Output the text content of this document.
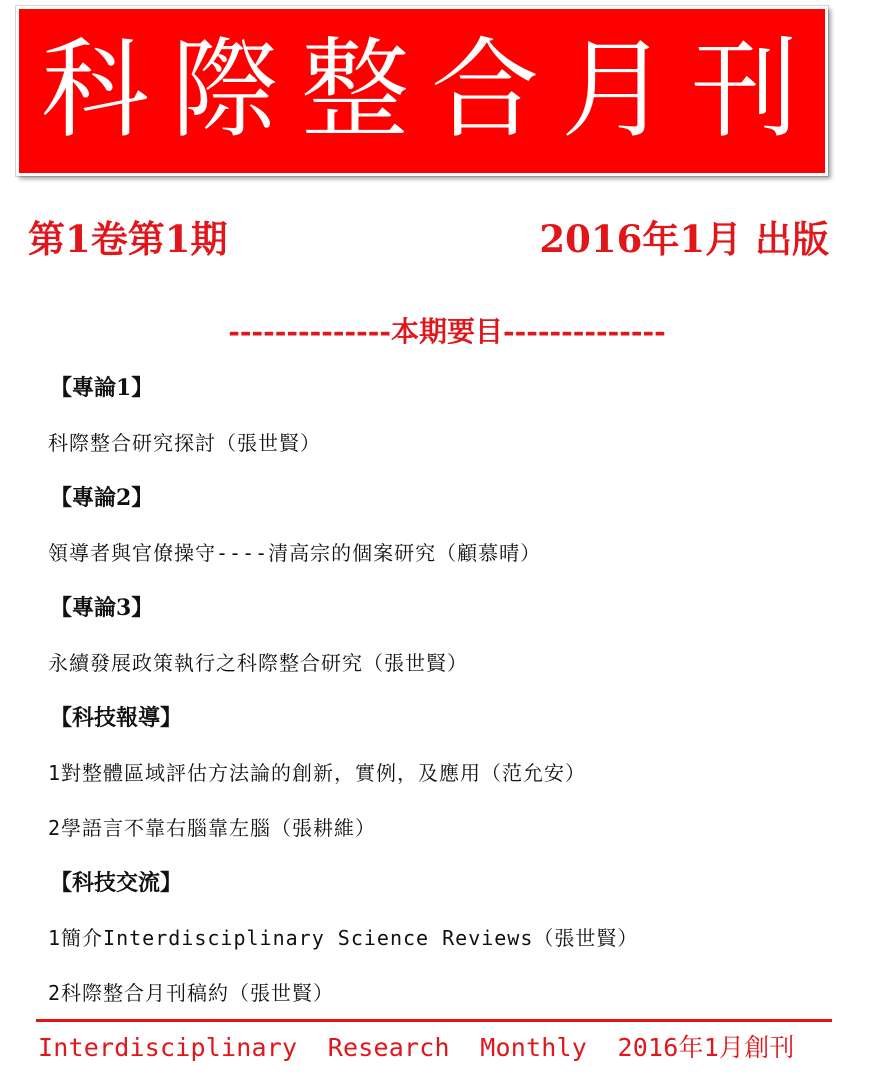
科際整合月刊
第1卷第1期	2016年1月 出版
--------------本期要目--------------
【專論1】
科際整合研究探討（張世賢）
【專論2】
領導者與官僚操守----清高宗的個案研究（顧慕晴）
【專論3】
永續發展政策執行之科際整合研究（張世賢）
【科技報導】
1對整體區域評估方法論的創新，實例，及應用（范允安）
2學語言不靠右腦靠左腦（張耕維）
【科技交流】
1簡介Interdisciplinary Science Reviews（張世賢）
2科際整合月刊稿約（張世賢）
Interdisciplinary  Research  Monthly  2016年1月創刊
